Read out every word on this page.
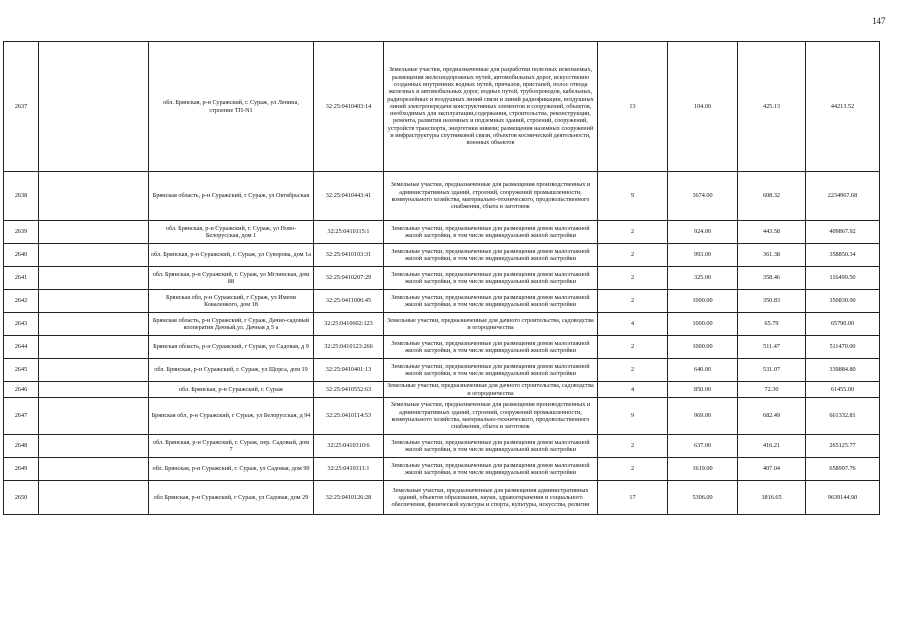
147
2637		обл. Брянская, р-н Суражский, г. Сураж, ул Ленина, строение ТП-N1	32:25:0410403:14	Земельные участки, предназначенные для разработки полезных ископаемых, размещения железнодорожных путей, автомобильных дорог, искусственно созданных внутренних водных путей, причалов, пристаней, полос отвода железных и автомобильных дорог, водных путей, трубопроводов, кабельных, радиорелейных и воздушных линий связи и линий радиофикации, воздушных линий электропередачи конструктивных элементов и сооружений, объектов, необходимых для эксплуатации,содержания, строительства, реконструкции, ремонта, развития наземных и подземных зданий, строений, сооружений, устройств транспорта, энергетики инвязи; размещения наземных сооружений и инфраструктуры спутниковой связи, объектов космической деятельности, военных объектов	13	104.00	425.13	44213.52
2638		Брянская область, р-н Суражский, г Сураж, ул Октябрьская	32:25:0410443:41	Земельные участки, предназначенные для размещения производственных и административных зданий, строений, сооружений промышленности, коммунального хозяйства, материально-технического, продовольственного снабжения, сбыта и заготовок	9	3674.00	608.32	2234967.68
2639		обл. Брянская, р-н Суражский, г. Сураж, ул Ново-Белорусская, дом 1	32:25:0410115:1	Земельные участки, предназначенные для размещения домов малоэтажной жилой застройки, в том числе индивидуальной жилой застройки	2	924.00	443.58	409867.92
2640		обл. Брянская, р-н Суражский, г. Сураж, ул Суворова, дом 1а	32:25:0410103:31	Земельные участки, предназначенные для размещения домов малоэтажной жилой застройки, в том числе индивидуальной жилой застройки	2	993.00	361.38	358850.34
2641		обл. Брянская, р-н Суражский, г. Сураж, ул Мглинская, дом 88	32:25:0410207:29	Земельные участки, предназначенные для размещения домов малоэтажной жилой застройки, в том числе индивидуальной жилой застройки	2	325.00	358.46	116499.50
2642		Брянская обл, р-н Суражский, г Сураж, ул Имени Коваленкого, дом 18	32:25:0411006:45	Земельные участки, предназначенные для размещения домов малоэтажной жилой застройки, в том числе индивидуальной жилой застройки	2	1000.00	350.83	350830.00
2643		Брянская область, р-н Суражский, г Сураж, Дачно-садовый кооператив Дачный,ул. Дачная д 5 а	32:25:0410602:123	Земельные участки, предназначенные для дачного строительства, садоводства и огородничества	4	1000.00	65.79	65790.00
2644		Брянская область, р-н Суражский, г Сураж, ул Садовая, д 9	32:25:0410123:266	Земельные участки, предназначенные для размещения домов малоэтажной жилой застройки, в том числе индивидуальной жилой застройки	2	1000.00	511.47	511470.00
2645		обл. Брянская, р-н Суражский, г. Сураж, ул Щорса, дом 19	32:25:0410401:13	Земельные участки, предназначенные для размещения домов малоэтажной жилой застройки, в том числе индивидуальной жилой застройки	2	640.00	531.07	339884.80
2646		обл. Брянская, р-н Суражский, г. Сураж	32:25:0410552:63	Земельные участки, предназначенные для дачного строительства, садоводства и огородничества	4	850.00	72.30	61455.00
2647		Брянская обл, р-н Суражский, г Сураж, ул Белорусская, д 94	32:25:0410114:53	Земельные участки, предназначенные для размещения производственных и административных зданий, строений, сооружений промышленности, коммунального хозяйства, материально-технического, продовольственного снабжения, сбыта и заготовок	9	969.00	682.49	661332.81
2648		обл. Брянская, р-н Суражский, г. Сураж, пер. Садовый, дом 7	32:25:0410310:6	Земельные участки, предназначенные для размещения домов малоэтажной жилой застройки, в том числе индивидуальной жилой застройки	2	637.00	416.21	265125.77
2649		обл. Брянская, р-н Суражский, г. Сураж, ул Садовая, дом 99	32:25:0410311:1	Земельные участки, предназначенные для размещения домов малоэтажной жилой застройки, в том числе индивидуальной жилой застройки	2	1619.00	407.04	658997.76
2650		обл Брянская, р-н Суражский, г Сураж, ул Садовая, дом 29	32:25:0410126:28	Земельные участки, предназначенные для размещения административных зданий, объектов образования, науки, здравоохранения и социального обеспечения, физической культуры и спорта, культуры, искусства, религии	17	5306.00	1816.65	9639144.90
